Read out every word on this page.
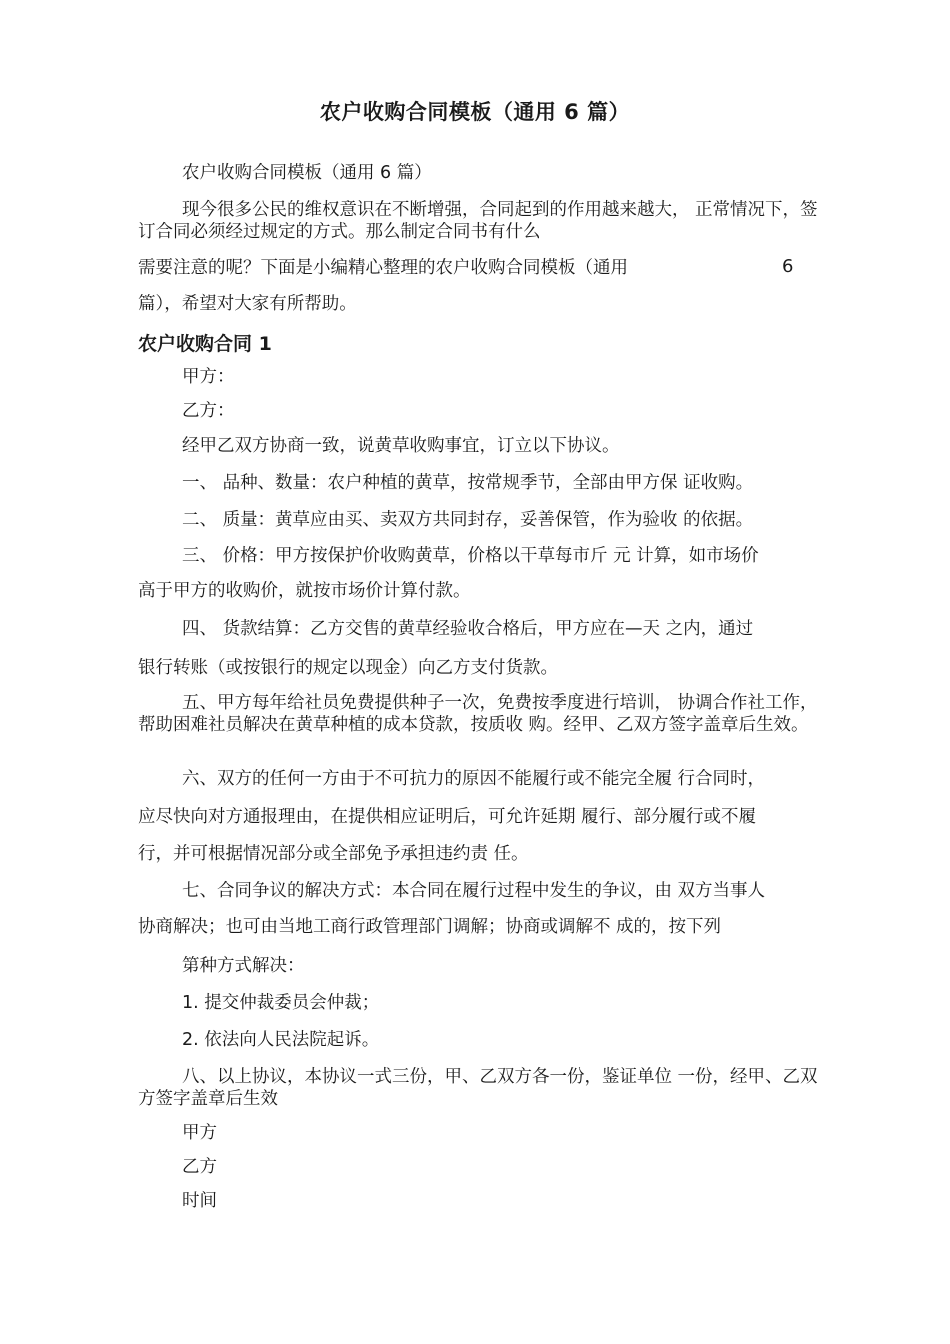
农户收购合同模板（通用 6 篇）
农户收购合同模板（通用 6 篇）
现今很多公民的维权意识在不断增强，合同起到的作用越来越大， 正常情况下，签订合同必须经过规定的方式。那么制定合同书有什么
需要注意的呢？下面是小编精心整理的农户收购合同模板（通用	6
篇），希望对大家有所帮助。
农户收购合同 1
甲方：
乙方：
经甲乙双方协商一致，说黄草收购事宜，订立以下协议。
一、 品种、数量：农户种植的黄草，按常规季节，全部由甲方保 证收购。
二、 质量：黄草应由买、卖双方共同封存，妥善保管，作为验收 的依据。
三、 价格：甲方按保护价收购黄草，价格以干草每市斤 元 计算，如市场价
高于甲方的收购价，就按市场价计算付款。
四、 货款结算：乙方交售的黄草经验收合格后，甲方应在—天 之内，通过
银行转账（或按银行的规定以现金）向乙方支付货款。
五、甲方每年给社员免费提供种子一次，免费按季度进行培训， 协调合作社工作，帮助困难社员解决在黄草种植的成本贷款，按质收 购。经甲、乙双方签字盖章后生效。
六、双方的任何一方由于不可抗力的原因不能履行或不能完全履 行合同时，
应尽快向对方通报理由，在提供相应证明后，可允许延期 履行、部分履行或不履
行，并可根据情况部分或全部免予承担违约责 任。
七、合同争议的解决方式：本合同在履行过程中发生的争议，由 双方当事人
协商解决；也可由当地工商行政管理部门调解；协商或调解不 成的，按下列
第种方式解决：
1. 提交仲裁委员会仲裁；
2. 依法向人民法院起诉。
八、以上协议，本协议一式三份，甲、乙双方各一份，鉴证单位 一份，经甲、乙双方签字盖章后生效
甲方
乙方
时间
